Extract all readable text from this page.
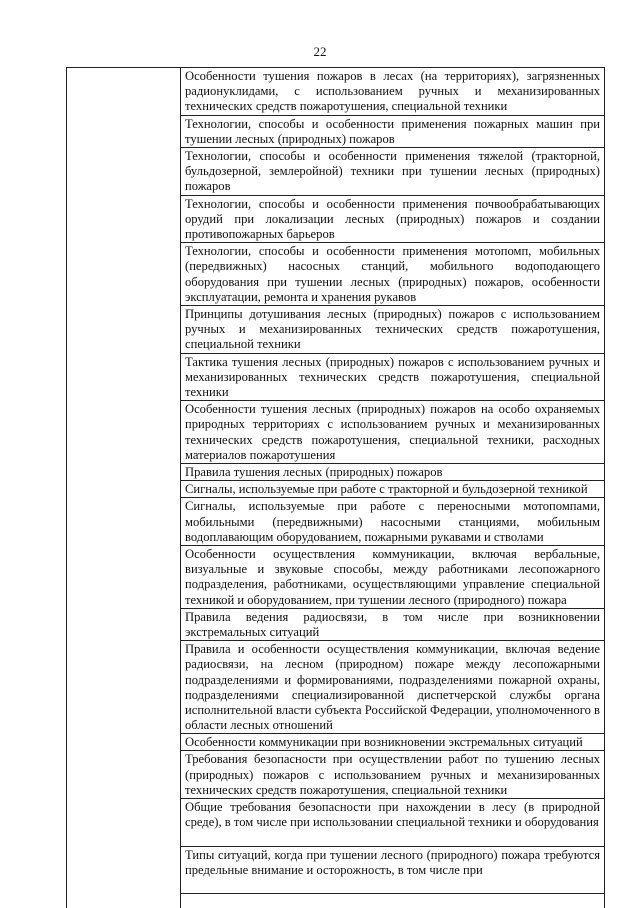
22
Особенности тушения пожаров в лесах (на территориях), загрязненных радионуклидами, с использованием ручных и механизированных технических средств пожаротушения, специальной техники
Технологии, способы и особенности применения пожарных машин при тушении лесных (природных) пожаров
Технологии, способы и особенности применения тяжелой (тракторной, бульдозерной, землеройной) техники при тушении лесных (природных) пожаров
Технологии, способы и особенности применения почвообрабатывающих орудий при локализации лесных (природных) пожаров и создании противопожарных барьеров
Технологии, способы и особенности применения мотопомп, мобильных (передвижных) насосных станций, мобильного водоподающего оборудования при тушении лесных (природных) пожаров, особенности эксплуатации, ремонта и хранения рукавов
Принципы дотушивания лесных (природных) пожаров с использованием ручных и механизированных технических средств пожаротушения, специальной техники
Тактика тушения лесных (природных) пожаров с использованием ручных и механизированных технических средств пожаротушения, специальной техники
Особенности тушения лесных (природных) пожаров на особо охраняемых природных территориях с использованием ручных и механизированных технических средств пожаротушения, специальной техники, расходных материалов пожаротушения
Правила тушения лесных (природных) пожаров
Сигналы, используемые при работе с тракторной и бульдозерной техникой
Сигналы, используемые при работе с переносными мотопомпами, мобильными (передвижными) насосными станциями, мобильным водоплавающим оборудованием, пожарными рукавами и стволами
Особенности осуществления коммуникации, включая вербальные, визуальные и звуковые способы, между работниками лесопожарного подразделения, работниками, осуществляющими управление специальной техникой и оборудованием, при тушении лесного (природного) пожара
Правила ведения радиосвязи, в том числе при возникновении экстремальных ситуаций
Правила и особенности осуществления коммуникации, включая ведение радиосвязи, на лесном (природном) пожаре между лесопожарными подразделениями и формированиями, подразделениями пожарной охраны, подразделениями специализированной диспетчерской службы органа исполнительной власти субъекта Российской Федерации, уполномоченного в области лесных отношений
Особенности коммуникации при возникновении экстремальных ситуаций
Требования безопасности при осуществлении работ по тушению лесных (природных) пожаров с использованием ручных и механизированных технических средств пожаротушения, специальной техники
Общие требования безопасности при нахождении в лесу (в природной среде), в том числе при использовании специальной техники и оборудования
Типы ситуаций, когда при тушении лесного (природного) пожара требуются предельные внимание и осторожность, в том числе при
